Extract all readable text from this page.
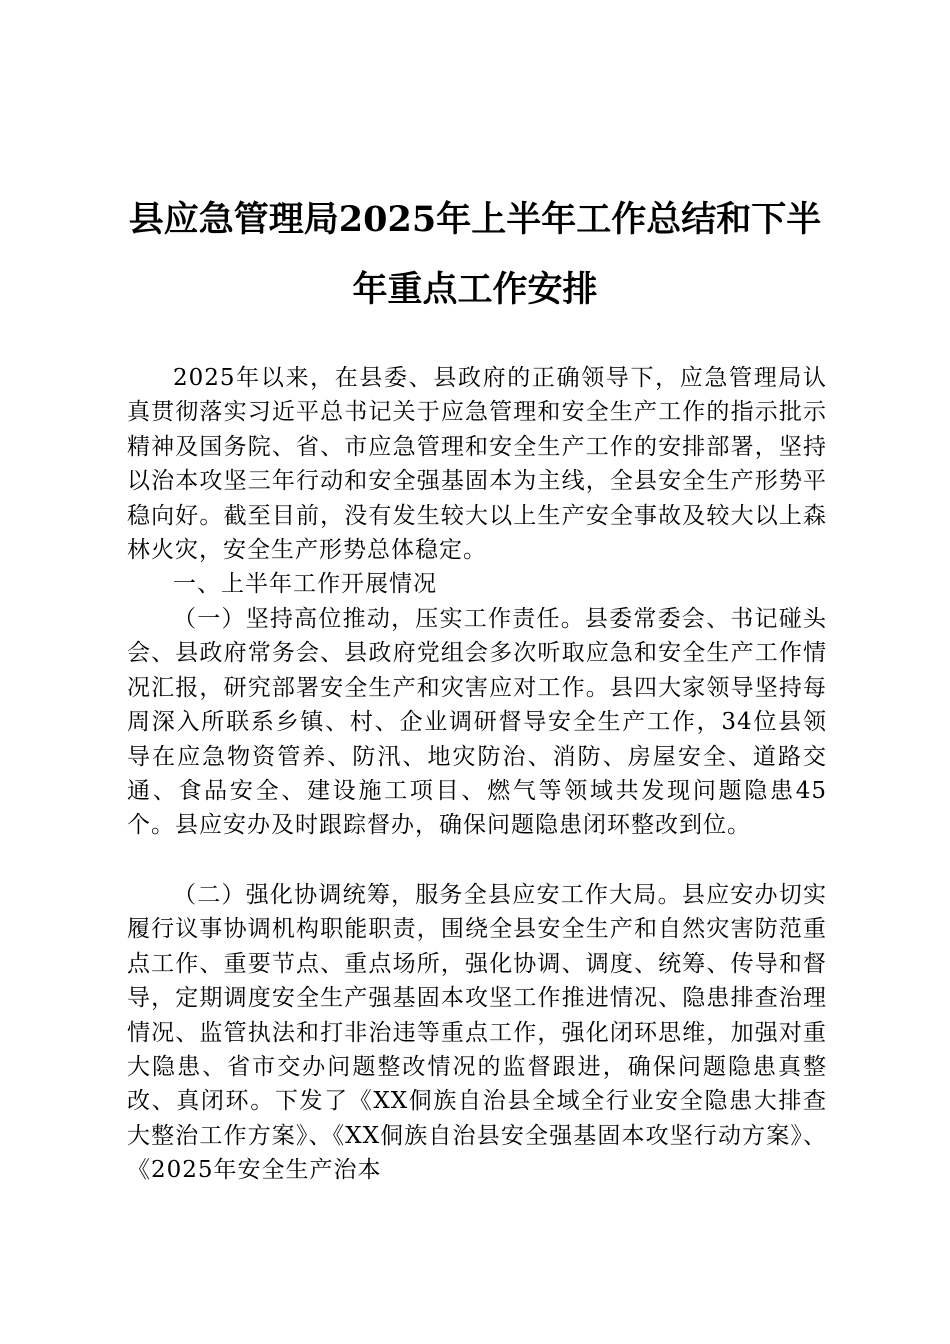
县应急管理局2025年上半年工作总结和下半
年重点工作安排

2025年以来，在县委、县政府的正确领导下，应急管理局认真贯彻落实习近平总书记关于应急管理和安全生产工作的指示批示精神及国务院、省、市应急管理和安全生产工作的安排部署，坚持以治本攻坚三年行动和安全强基固本为主线，全县安全生产形势平稳向好。截至目前，没有发生较大以上生产安全事故及较大以上森林火灾，安全生产形势总体稳定。

一、上半年工作开展情况

（一）坚持高位推动，压实工作责任。县委常委会、书记碰头会、县政府常务会、县政府党组会多次听取应急和安全生产工作情况汇报，研究部署安全生产和灾害应对工作。县四大家领导坚持每周深入所联系乡镇、村、企业调研督导安全生产工作，34位县领导在应急物资管养、防汛、地灾防治、消防、房屋安全、道路交通、食品安全、建设施工项目、燃气等领域共发现问题隐患45个。县应安办及时跟踪督办，确保问题隐患闭环整改到位。

（二）强化协调统筹，服务全县应安工作大局。县应安办切实履行议事协调机构职能职责，围绕全县安全生产和自然灾害防范重点工作、重要节点、重点场所，强化协调、调度、统筹、传导和督导，定期调度安全生产强基固本攻坚工作推进情况、隐患排查治理情况、监管执法和打非治违等重点工作，强化闭环思维，加强对重大隐患、省市交办问题整改情况的监督跟进，确保问题隐患真整改、真闭环。下发了《XX侗族自治县全域全行业安全隐患大排查大整治工作方案》、《XX侗族自治县安全强基固本攻坚行动方案》、《2025年安全生产治本
